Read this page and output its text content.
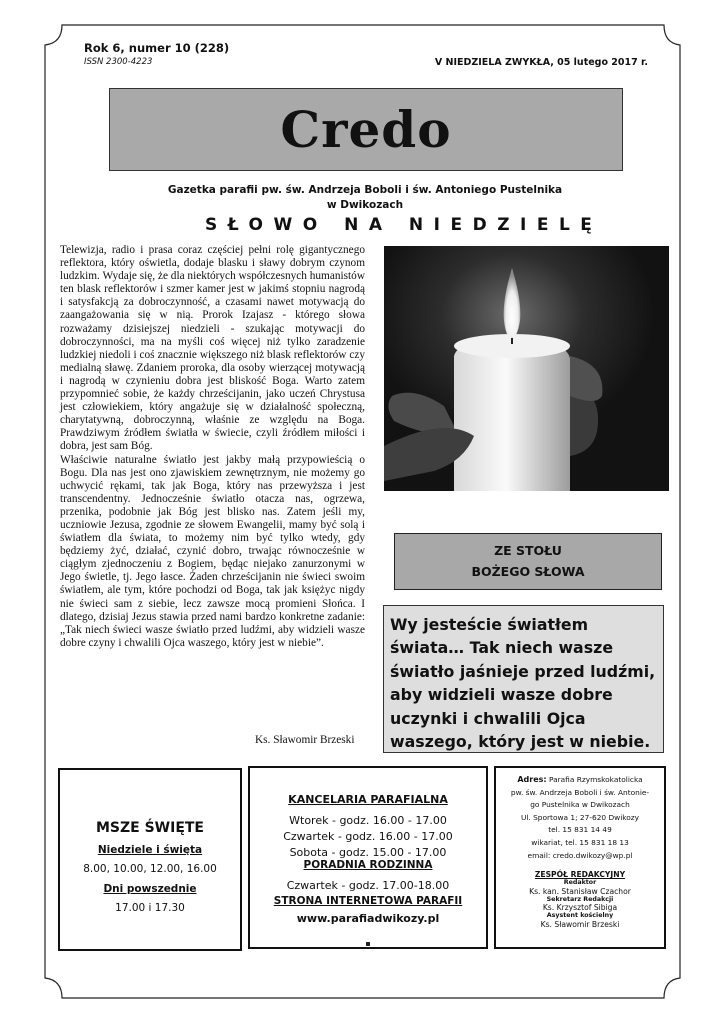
Rok 6, numer 10 (228)
ISSN 2300-4223	V NIEDZIELA ZWYKŁA, 05 lutego 2017 r.
Credo
Gazetka parafii pw. św. Andrzeja Boboli i św. Antoniego Pustelnika
w Dwikozach
SŁOWO NA NIEDZIELĘ

Telewizja, radio i prasa coraz częściej pełni rolę gigantycznego reflektora, który oświetla, dodaje blasku i sławy dobrym czynom ludzkim. Wydaje się, że dla niektórych współczesnych humanistów ten blask reflektorów i szmer kamer jest w jakimś stopniu nagrodą i satysfakcją za dobroczynność, a czasami nawet motywacją do zaangażowania się w nią. Prorok Izajasz - którego słowa rozważamy dzisiejszej niedzieli - szukając motywacji do dobroczynności, ma na myśli coś więcej niż tylko zaradzenie ludzkiej niedoli i coś znacznie większego niż blask reflektorów czy medialną sławę. Zdaniem proroka, dla osoby wierzącej motywacją i nagrodą w czynieniu dobra jest bliskość Boga. Warto zatem przypomnieć sobie, że każdy chrześcijanin, jako uczeń Chrystusa jest człowiekiem, który angażuje się w działalność społeczną, charytatywną, dobroczynną, właśnie ze względu na Boga. Prawdziwym źródłem światła w świecie, czyli źródłem miłości i dobra, jest sam Bóg.

Właściwie naturalne światło jest jakby małą przypowieścią o Bogu. Dla nas jest ono zjawiskiem zewnętrznym, nie możemy go uchwycić rękami, tak jak Boga, który nas przewyższa i jest transcendentny. Jednocześnie światło otacza nas, ogrzewa, przenika, podobnie jak Bóg jest blisko nas. Zatem jeśli my, uczniowie Jezusa, zgodnie ze słowem Ewangelii, mamy być solą i światłem dla świata, to możemy nim być tylko wtedy, gdy będziemy żyć, działać, czynić dobro, trwając równocześnie w ciągłym zjednoczeniu z Bogiem, będąc niejako zanurzonymi w Jego świetle, tj. Jego łasce. Żaden chrześcijanin nie świeci swoim światłem, ale tym, które pochodzi od Boga, tak jak księżyc nigdy nie świeci sam z siebie, lecz zawsze mocą promieni Słońca. I dlatego, dzisiaj Jezus stawia przed nami bardzo konkretne zadanie: „Tak niech świeci wasze światło przed ludźmi, aby widzieli wasze dobre czyny i chwalili Ojca waszego, który jest w niebie”.

Ks. Sławomir Brzeski
ZE STOŁU
BOŻEGO SŁOWA
Wy jesteście światłem świata… Tak niech wasze światło jaśnieje przed ludźmi, aby widzieli wasze dobre uczynki i chwalili Ojca waszego, który jest w niebie.
MSZE ŚWIĘTE
Niedziele i święta
8.00, 10.00, 12.00, 16.00
Dni powszednie
17.00 i 17.30
KANCELARIA PARAFIALNA
Wtorek - godz. 16.00 - 17.00
Czwartek - godz. 16.00 - 17.00
Sobota - godz. 15.00 - 17.00
PORADNIA RODZINNA
Czwartek - godz. 17.00-18.00
STRONA INTERNETOWA PARAFII
www.parafiadwikozy.pl
Adres: Parafia Rzymskokatolicka
pw. św. Andrzeja Boboli i św. Antonie-
go Pustelnika w Dwikozach
Ul. Sportowa 1; 27-620 Dwikozy
tel. 15 831 14 49
wikariat, tel. 15 831 18 13
email: credo.dwikozy@wp.pl
ZESPÓŁ REDAKCYJNY
Redaktor
Ks. kan. Stanisław Czachor
Sekretarz Redakcji
Ks. Krzysztof Sibiga
Asystent kościelny
Ks. Sławomir Brzeski
